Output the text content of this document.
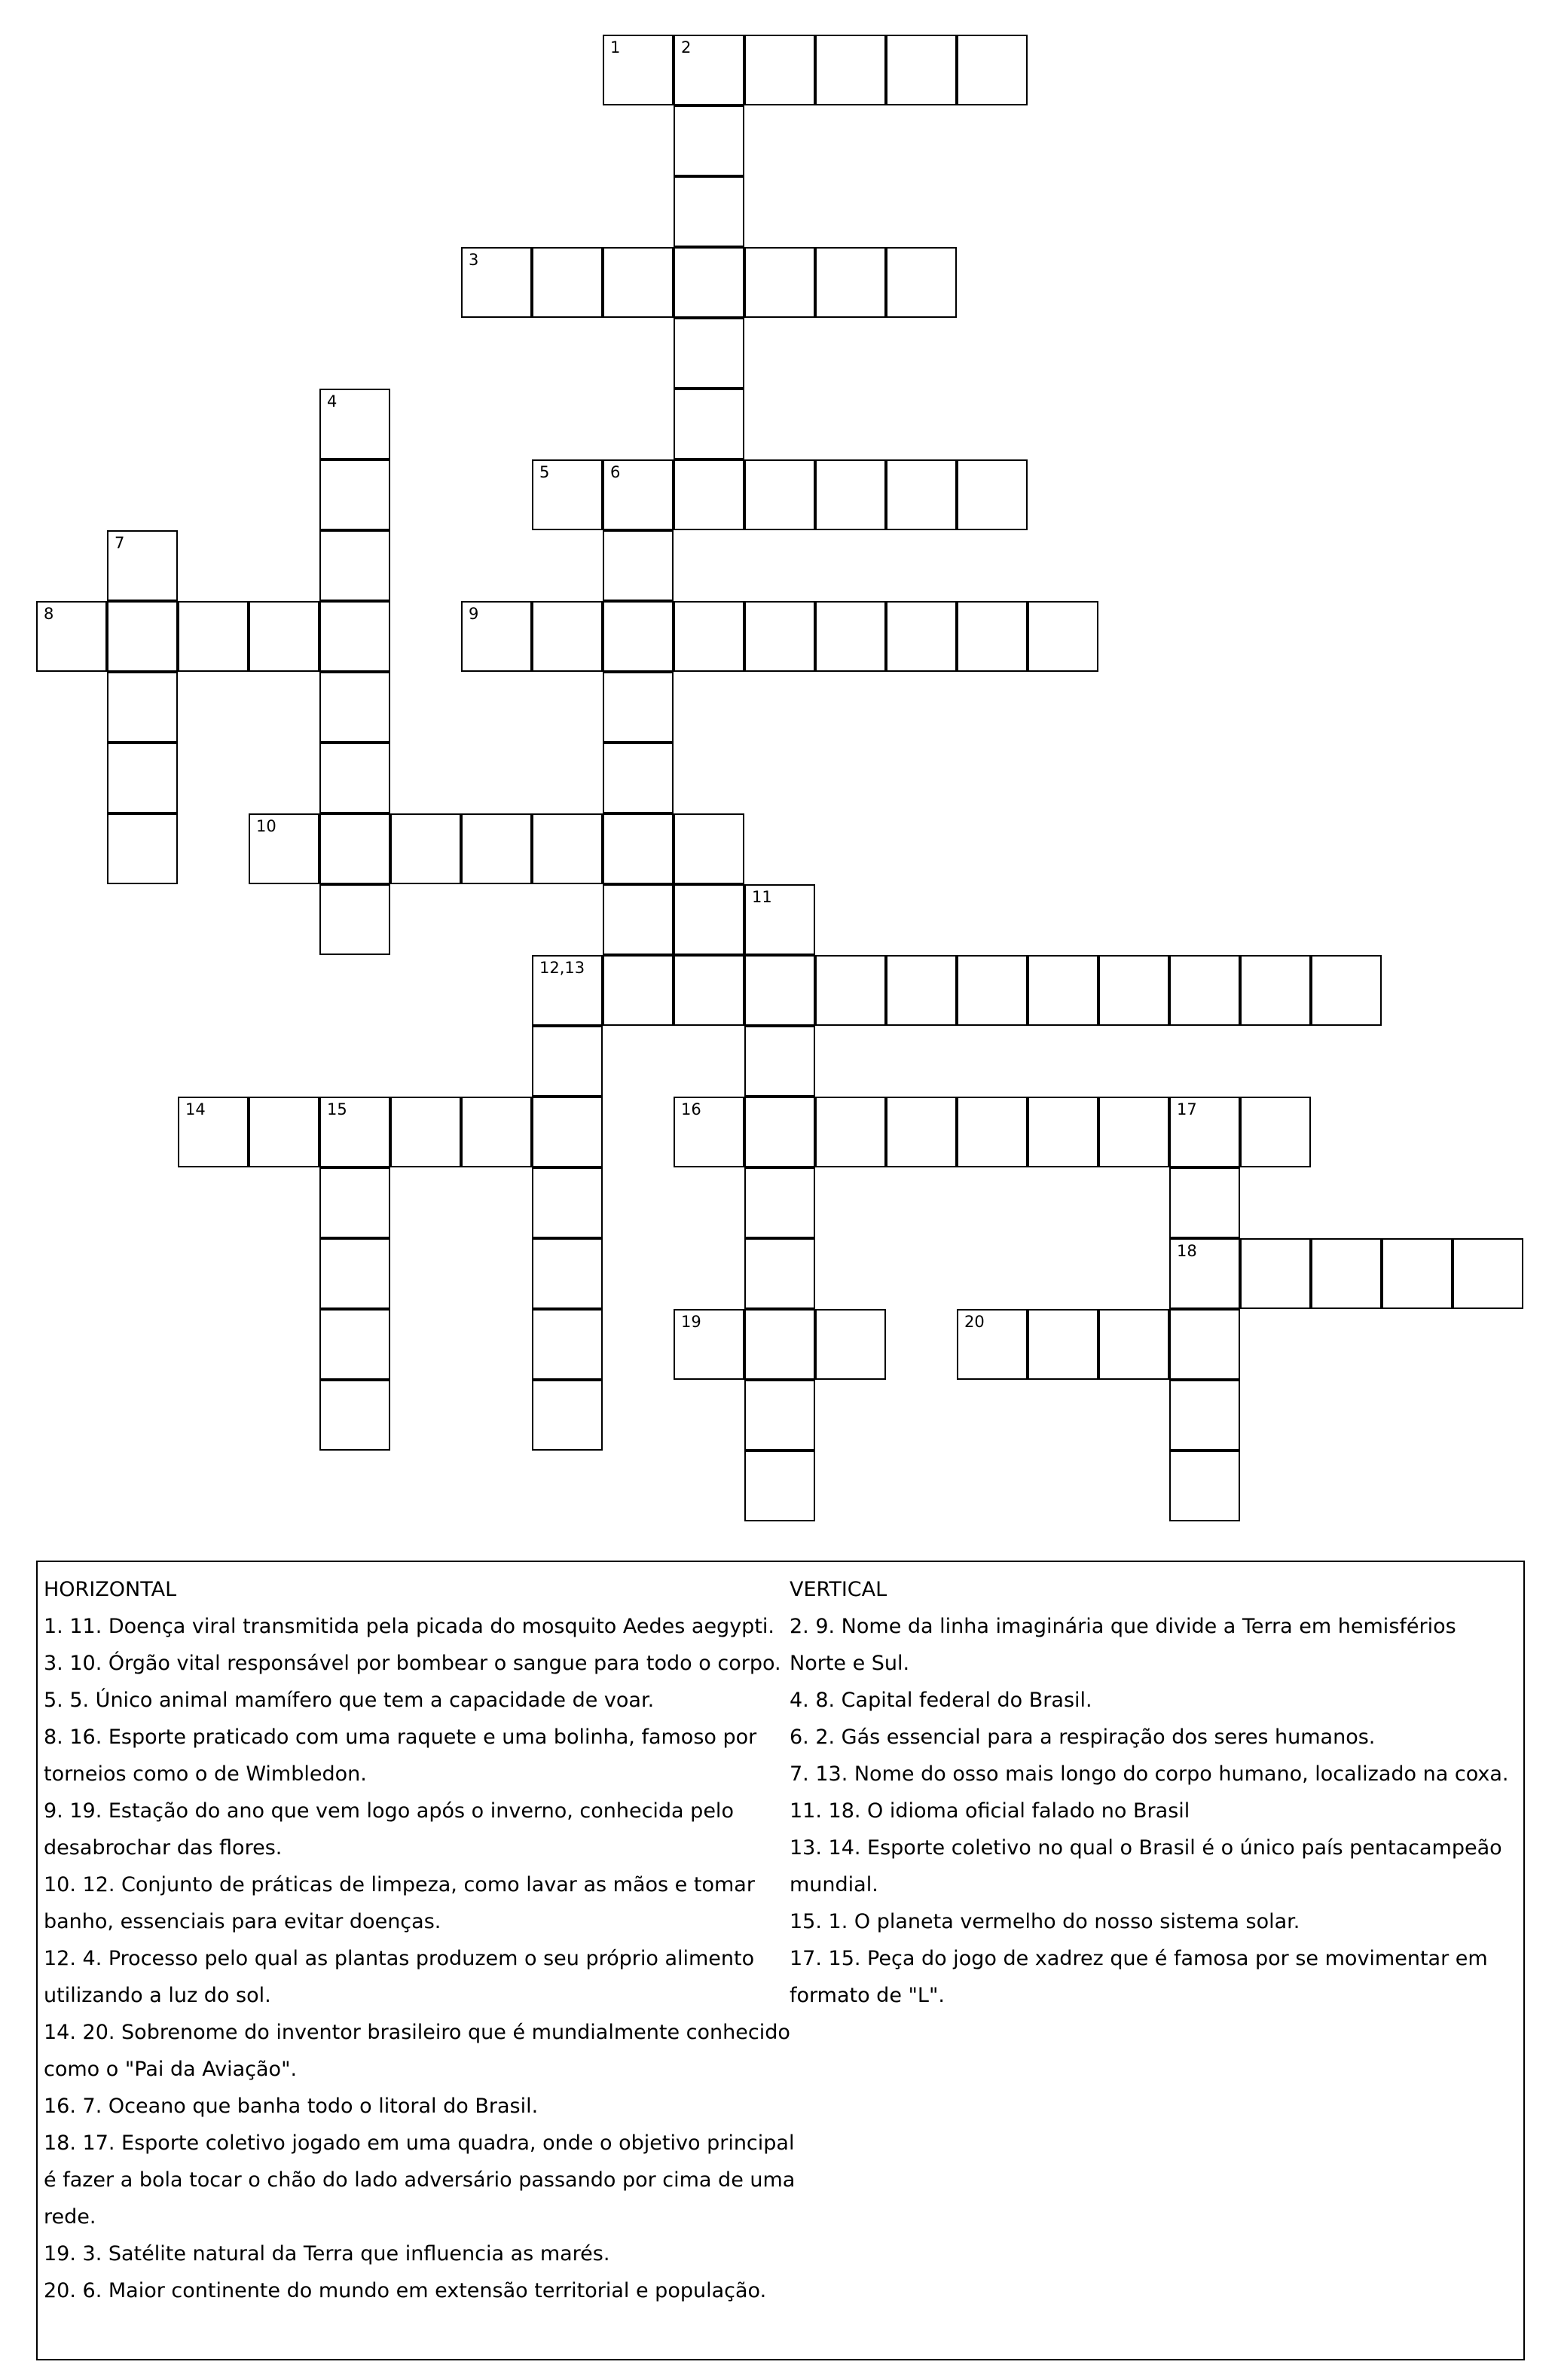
1	2
3
4
5	6
7
8	9
10
11
12,13
14	15	16	17
18
19	20

HORIZONTAL

1. 11. Doença viral transmitida pela picada do mosquito Aedes aegypti.

3. 10. Órgão vital responsável por bombear o sangue para todo o corpo.

5. 5. Único animal mamífero que tem a capacidade de voar.

8. 16. Esporte praticado com uma raquete e uma bolinha, famoso por torneios como o de Wimbledon.

9. 19. Estação do ano que vem logo após o inverno, conhecida pelo desabrochar das flores.

10. 12. Conjunto de práticas de limpeza, como lavar as mãos e tomar banho, essenciais para evitar doenças.

12. 4. Processo pelo qual as plantas produzem o seu próprio alimento utilizando a luz do sol.

14. 20. Sobrenome do inventor brasileiro que é mundialmente conhecido como o "Pai da Aviação".

16. 7. Oceano que banha todo o litoral do Brasil.

18. 17. Esporte coletivo jogado em uma quadra, onde o objetivo principal é fazer a bola tocar o chão do lado adversário passando por cima de uma rede.

19. 3. Satélite natural da Terra que influencia as marés.

20. 6. Maior continente do mundo em extensão territorial e população.

VERTICAL

2. 9. Nome da linha imaginária que divide a Terra em hemisférios Norte e Sul.

4. 8. Capital federal do Brasil.

6. 2. Gás essencial para a respiração dos seres humanos.

7. 13. Nome do osso mais longo do corpo humano, localizado na coxa.

11. 18. O idioma oficial falado no Brasil

13. 14. Esporte coletivo no qual o Brasil é o único país pentacampeão mundial.

15. 1. O planeta vermelho do nosso sistema solar.

17. 15. Peça do jogo de xadrez que é famosa por se movimentar em formato de "L".
